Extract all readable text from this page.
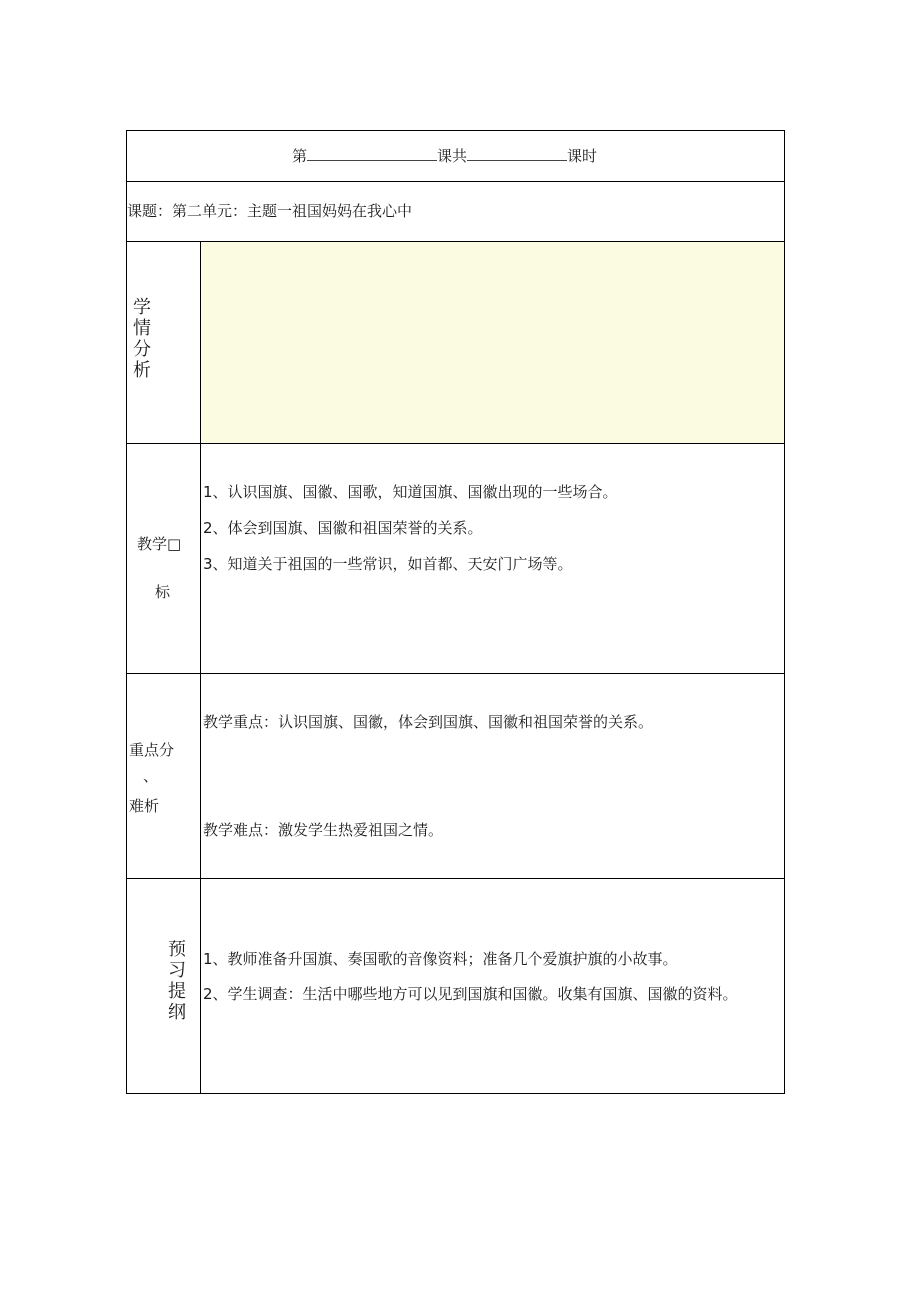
第	课共	课时
课题：第二单元：主题一祖国妈妈在我心中
学情分析
教学□
标
1、认识国旗、国徽、国歌，知道国旗、国徽出现的一些场合。
2、体会到国旗、国徽和祖国荣誉的关系。
3、知道关于祖国的一些常识，如首都、天安门广场等。
重点分
、
难析
教学重点：认识国旗、国徽，体会到国旗、国徽和祖国荣誉的关系。
教学难点：激发学生热爱祖国之情。
预习提纲
1、教师准备升国旗、奏国歌的音像资料；准备几个爱旗护旗的小故事。
2、学生调查：生活中哪些地方可以见到国旗和国徽。收集有国旗、国徽的资料。
